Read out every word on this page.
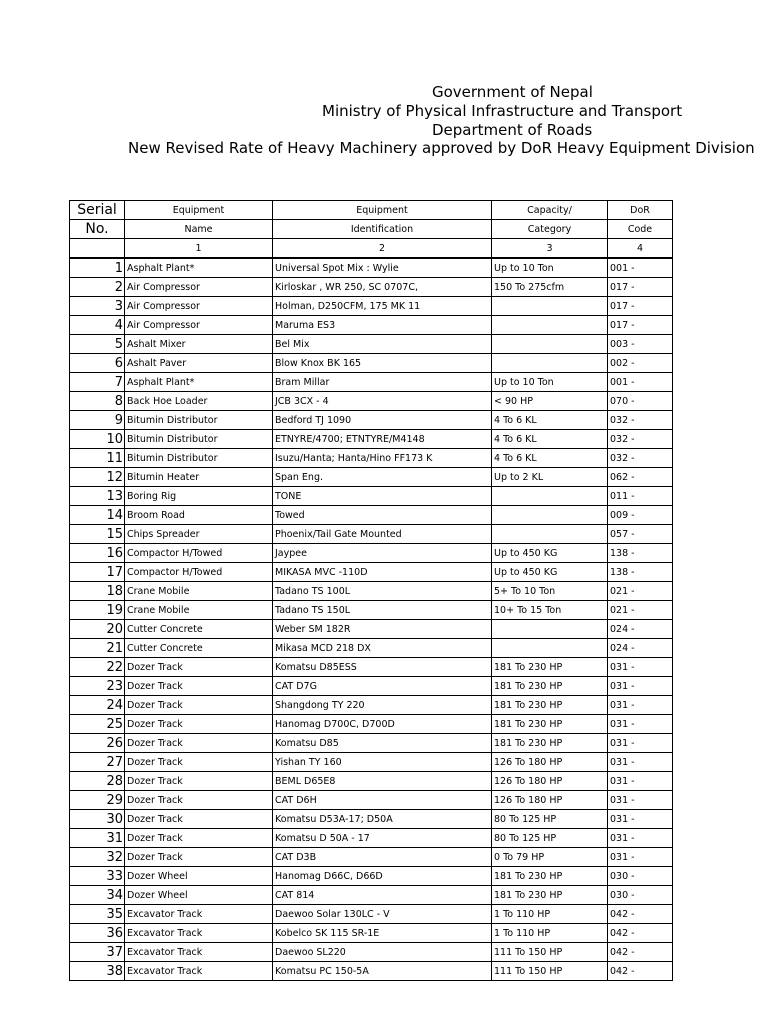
Government of Nepal
Ministry of Physical Infrastructure and Transport
Department of Roads
New Revised Rate of Heavy Machinery approved by DoR Heavy Equipment Division
Serial	Equipment	Equipment	Capacity/	DoR
No.	Name	Identification	Category	Code
	1	2	3	4
1	Asphalt Plant*	Universal Spot Mix : Wylie	Up to 10 Ton	001 -
2	Air Compressor	Kirloskar , WR 250, SC 0707C,	150 To 275cfm	017 -
3	Air Compressor	Holman, D250CFM, 175 MK 11		017 -
4	Air Compressor	Maruma ES3		017 -
5	Ashalt Mixer	Bel Mix		003 -
6	Ashalt Paver	Blow Knox BK 165		002 -
7	Asphalt Plant*	Bram Millar	Up to 10 Ton	001 -
8	Back Hoe Loader	JCB 3CX - 4	< 90 HP	070 -
9	Bitumin Distributor	Bedford TJ 1090	4 To 6 KL	032 -
10	Bitumin Distributor	ETNYRE/4700; ETNTYRE/M4148	4 To 6 KL	032 -
11	Bitumin Distributor	Isuzu/Hanta; Hanta/Hino FF173 K	4 To 6 KL	032 -
12	Bitumin Heater	Span Eng.	Up to 2 KL	062 -
13	Boring Rig	TONE		011 -
14	Broom Road	Towed		009 -
15	Chips Spreader	Phoenix/Tail Gate Mounted		057 -
16	Compactor H/Towed	Jaypee	Up to 450 KG	138 -
17	Compactor H/Towed	MIKASA MVC -110D	Up to 450 KG	138 -
18	Crane Mobile	Tadano TS 100L	5+ To 10 Ton	021 -
19	Crane Mobile	Tadano TS 150L	10+ To 15 Ton	021 -
20	Cutter Concrete	Weber SM 182R		024 -
21	Cutter Concrete	Mikasa MCD 218 DX		024 -
22	Dozer Track	Komatsu D85ESS	181 To 230 HP	031 -
23	Dozer Track	CAT D7G	181 To 230 HP	031 -
24	Dozer Track	Shangdong TY 220	181 To 230 HP	031 -
25	Dozer Track	Hanomag D700C, D700D	181 To 230 HP	031 -
26	Dozer Track	Komatsu D85	181 To 230 HP	031 -
27	Dozer Track	Yishan TY 160	126 To 180 HP	031 -
28	Dozer Track	BEML D65E8	126 To 180 HP	031 -
29	Dozer Track	CAT D6H	126 To 180 HP	031 -
30	Dozer Track	Komatsu D53A-17; D50A	80 To 125 HP	031 -
31	Dozer Track	Komatsu D 50A - 17	80 To 125 HP	031 -
32	Dozer Track	CAT D3B	0 To 79 HP	031 -
33	Dozer Wheel	Hanomag D66C, D66D	181 To 230 HP	030 -
34	Dozer Wheel	CAT 814	181 To 230 HP	030 -
35	Excavator Track	Daewoo Solar 130LC - V	1 To 110 HP	042 -
36	Excavator Track	Kobelco SK 115 SR-1E	1 To 110 HP	042 -
37	Excavator Track	Daewoo SL220	111 To 150 HP	042 -
38	Excavator Track	Komatsu PC 150-5A	111 To 150 HP	042 -
